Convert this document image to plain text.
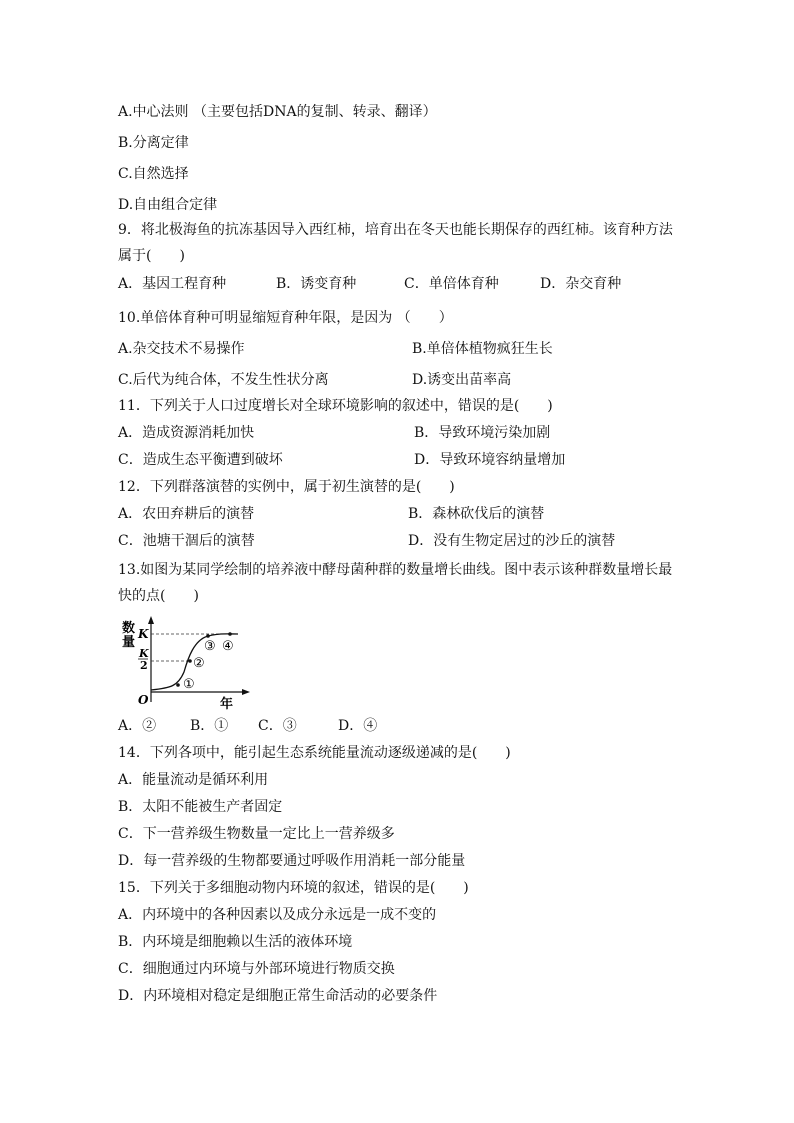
A.中心法则 （主要包括DNA的复制、转录、翻译）
B.分离定律
C.自然选择
D.自由组合定律
9．将北极海鱼的抗冻基因导入西红柿，培育出在冬天也能长期保存的西红柿。该育种方法
属于(　　)
A．基因工程育种	B．诱变育种	C．单倍体育种	D．杂交育种
10.单倍体育种可明显缩短育种年限，是因为 （　　）
A.杂交技术不易操作	B.单倍体植物疯狂生长
C.后代为纯合体，不发生性状分离	D.诱变出苗率高
11．下列关于人口过度增长对全球环境影响的叙述中，错误的是(　　)
A．造成资源消耗加快	B．导致环境污染加剧
C．造成生态平衡遭到破坏	D．导致环境容纳量增加
12．下列群落演替的实例中，属于初生演替的是(　　)
A．农田弃耕后的演替	B．森林砍伐后的演替
C．池塘干涸后的演替	D．没有生物定居过的沙丘的演替
13.如图为某同学绘制的培养液中酵母菌种群的数量增长曲线。图中表示该种群数量增长最
快的点(　　)
数
量
K
K
2
O	年
①
②
③ ④
A．② B．① C．③	D．④
14．下列各项中，能引起生态系统能量流动逐级递减的是(　　)
A．能量流动是循环利用
B．太阳不能被生产者固定
C．下一营养级生物数量一定比上一营养级多
D．每一营养级的生物都要通过呼吸作用消耗一部分能量
15．下列关于多细胞动物内环境的叙述，错误的是(　　)
A．内环境中的各种因素以及成分永远是一成不变的
B．内环境是细胞赖以生活的液体环境
C．细胞通过内环境与外部环境进行物质交换
D．内环境相对稳定是细胞正常生命活动的必要条件
